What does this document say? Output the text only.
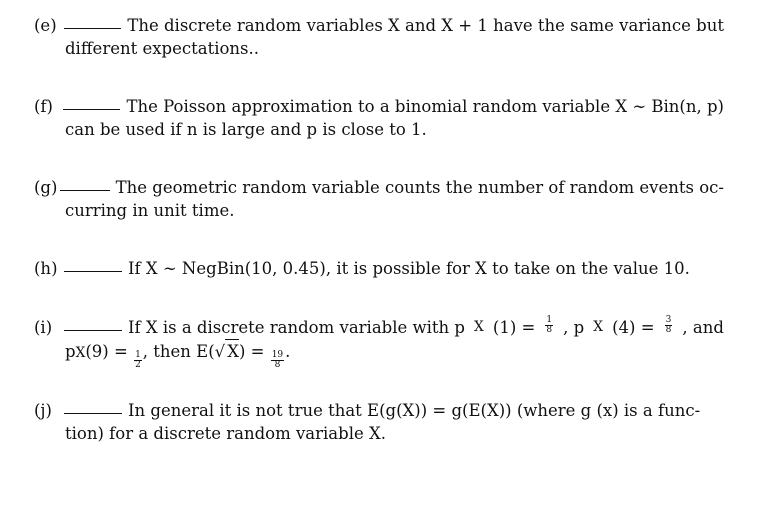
(e)	The discrete random variables X and X + 1 have the same variance but
different expectations..
(f)	The Poisson approximation to a binomial random variable X ∼ Bin(n, p)
can be used if n is large and p is close to 1.
(g)	The geometric random variable counts the number of random events oc-
curring in unit time.
(h)	If X ∼ NegBin(10, 0.45), it is possible for X to take on the value 10.
(i)	If X is a discrete random variable with p X $(1) = \frac{1}{8}$ , p X $(4) = \frac{3}{8}$ , and
p X (9) =
$\frac{1}{2}$ , then E( √ X ) =
$\frac{19}{8}$ .
(j)	In general it is not true that E(g(X)) = g(E(X)) (where g (x) is a func-
tion) for a discrete random variable X.
